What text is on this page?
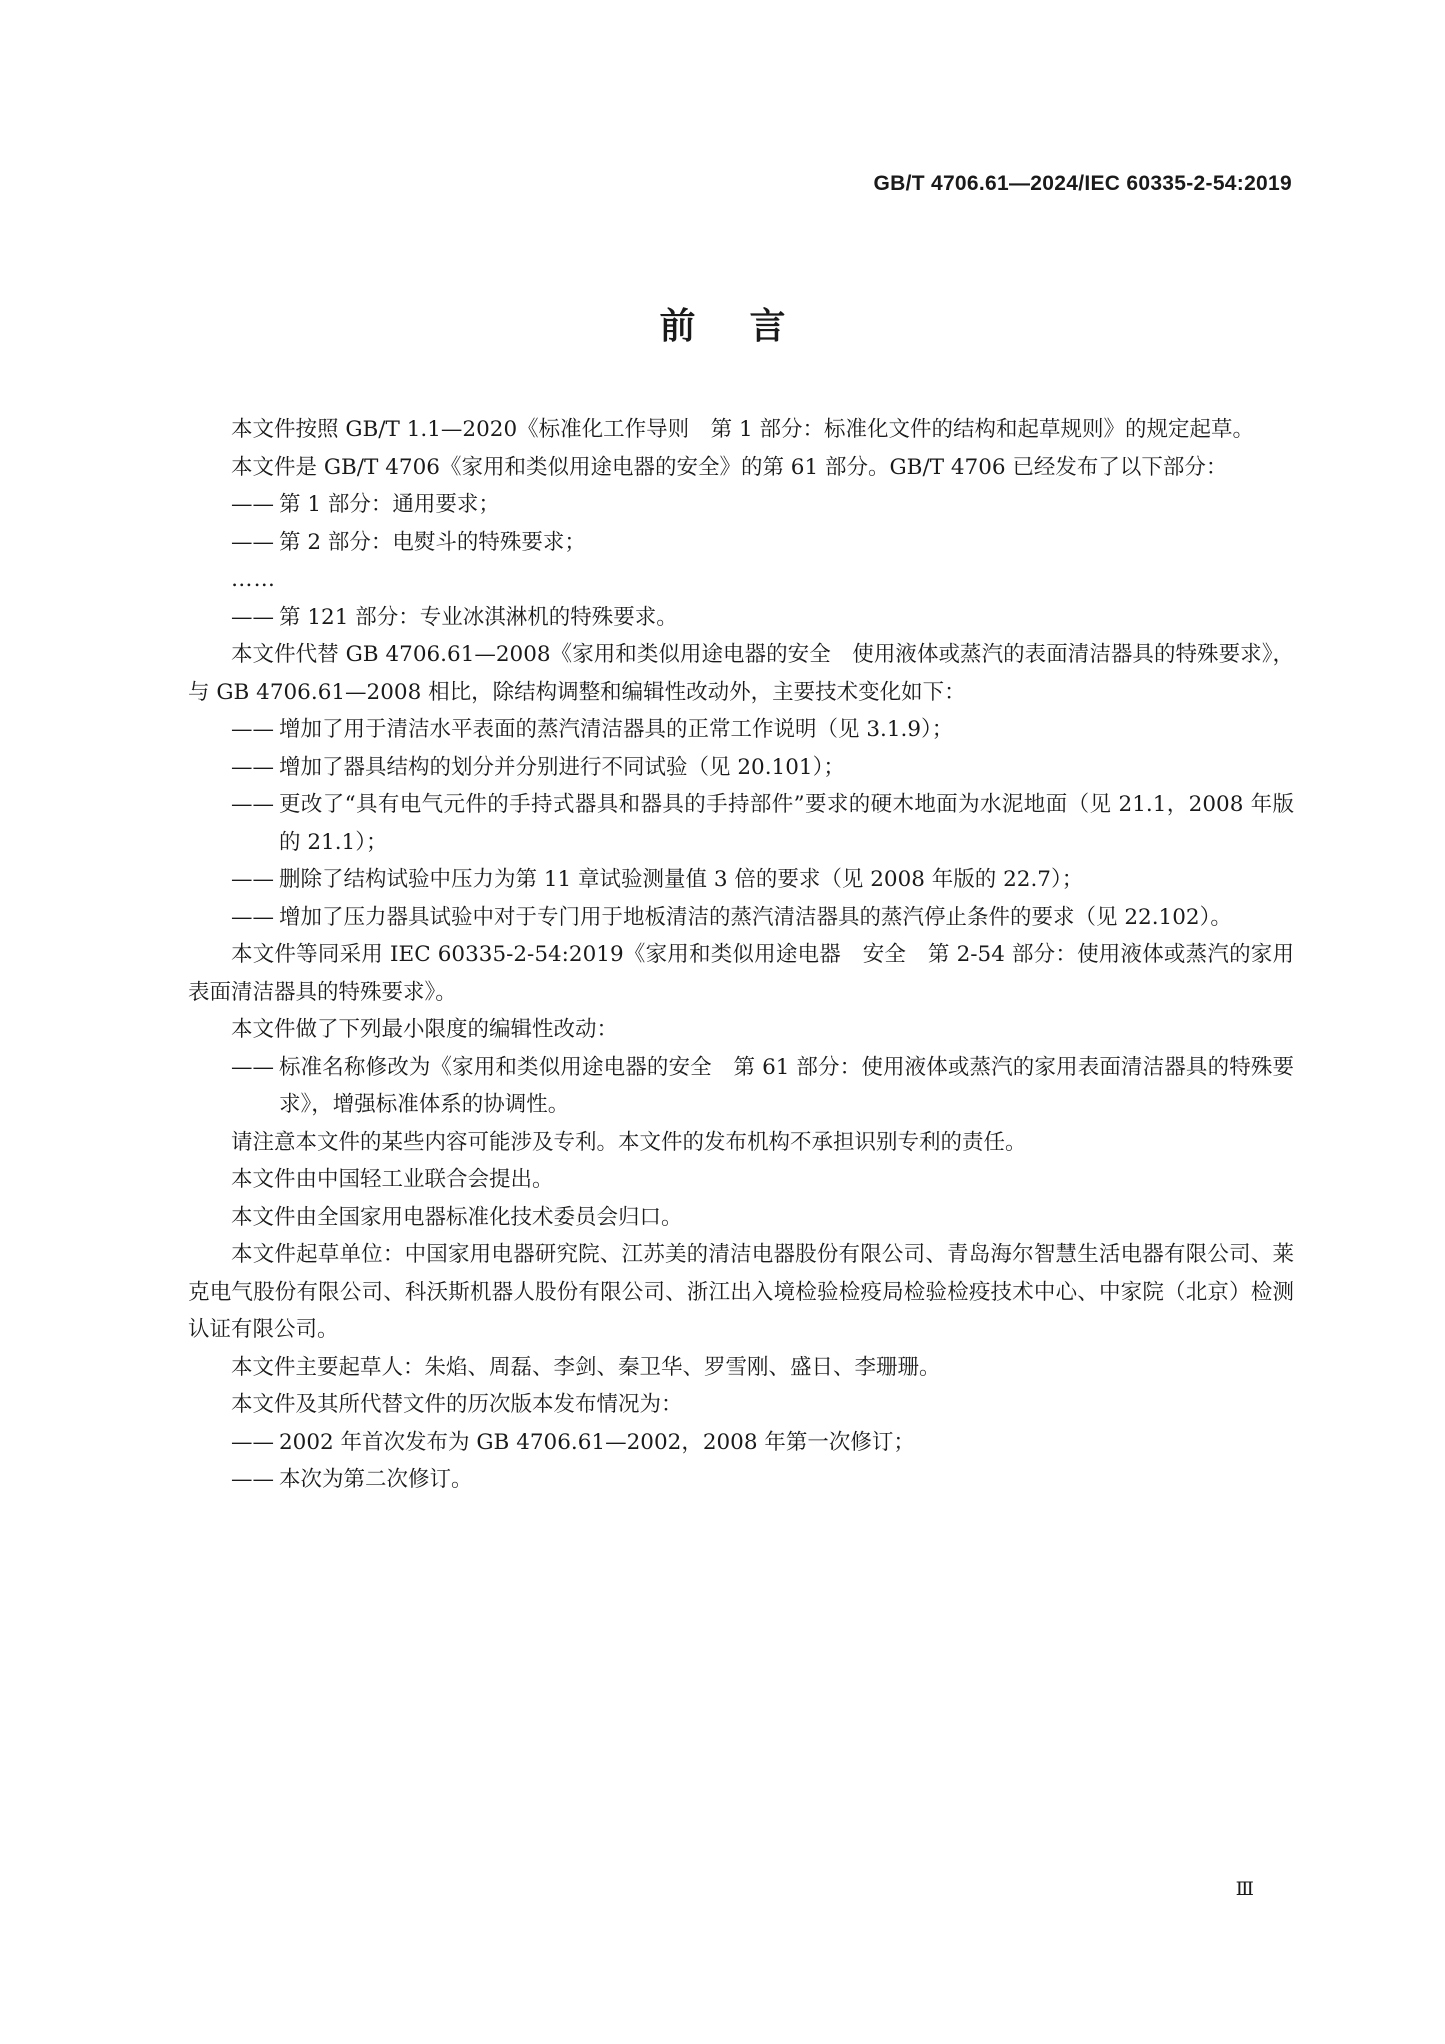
GB/T 4706.61—2024/IEC 60335-2-54:2019
前言
本文件按照 GB/T 1.1—2020《标准化工作导则　第 1 部分：标准化文件的结构和起草规则》的规定起草。
本文件是 GB/T 4706《家用和类似用途电器的安全》的第 61 部分。GB/T 4706 已经发布了以下部分：
—— 第 1 部分：通用要求；
—— 第 2 部分：电熨斗的特殊要求；
……
—— 第 121 部分：专业冰淇淋机的特殊要求。
本文件代替 GB 4706.61—2008《家用和类似用途电器的安全　使用液体或蒸汽的表面清洁器具的特殊要求》，与 GB 4706.61—2008 相比，除结构调整和编辑性改动外，主要技术变化如下：
—— 增加了用于清洁水平表面的蒸汽清洁器具的正常工作说明（见 3.1.9）；
—— 增加了器具结构的划分并分别进行不同试验（见 20.101）；
—— 更改了“具有电气元件的手持式器具和器具的手持部件”要求的硬木地面为水泥地面（见 21.1，2008 年版的 21.1）；
—— 删除了结构试验中压力为第 11 章试验测量值 3 倍的要求（见 2008 年版的 22.7）；
—— 增加了压力器具试验中对于专门用于地板清洁的蒸汽清洁器具的蒸汽停止条件的要求（见 22.102）。
本文件等同采用 IEC 60335-2-54:2019《家用和类似用途电器　安全　第 2-54 部分：使用液体或蒸汽的家用表面清洁器具的特殊要求》。
本文件做了下列最小限度的编辑性改动：
—— 标准名称修改为《家用和类似用途电器的安全　第 61 部分：使用液体或蒸汽的家用表面清洁器具的特殊要求》，增强标准体系的协调性。
请注意本文件的某些内容可能涉及专利。本文件的发布机构不承担识别专利的责任。
本文件由中国轻工业联合会提出。
本文件由全国家用电器标准化技术委员会归口。
本文件起草单位：中国家用电器研究院、江苏美的清洁电器股份有限公司、青岛海尔智慧生活电器有限公司、莱克电气股份有限公司、科沃斯机器人股份有限公司、浙江出入境检验检疫局检验检疫技术中心、中家院（北京）检测认证有限公司。
本文件主要起草人：朱焰、周磊、李剑、秦卫华、罗雪刚、盛日、李珊珊。
本文件及其所代替文件的历次版本发布情况为：
—— 2002 年首次发布为 GB 4706.61—2002，2008 年第一次修订；
—— 本次为第二次修订。
Ⅲ
